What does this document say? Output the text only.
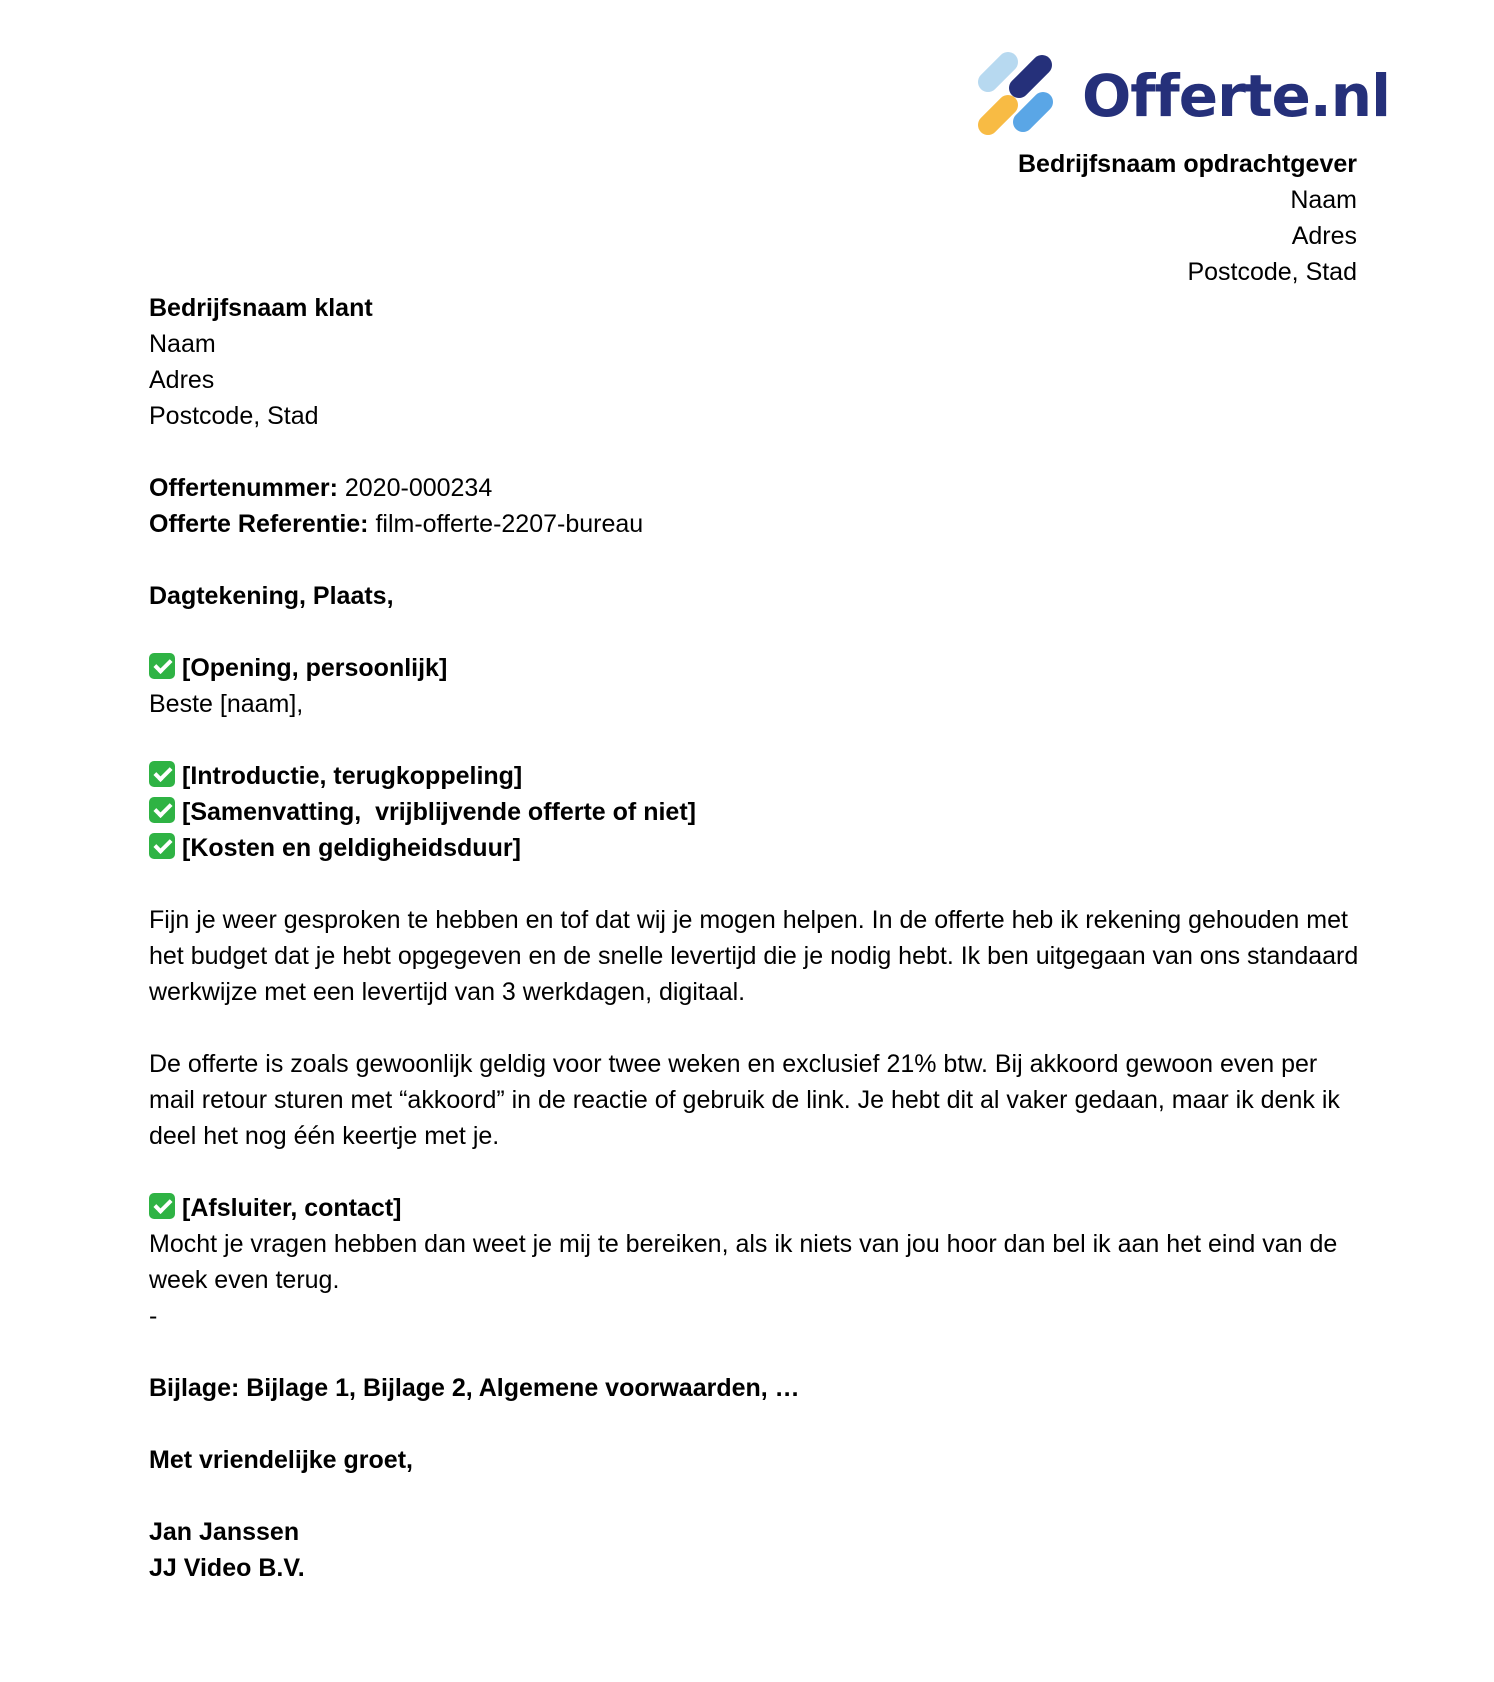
Offerte.nl
Bedrijfsnaam opdrachtgever
Naam
Adres
Postcode, Stad
Bedrijfsnaam klant
Naam
Adres
Postcode, Stad
Offertenummer: 2020-000234
Offerte Referentie: film-offerte-2207-bureau
Dagtekening, Plaats,
[Opening, persoonlijk]
Beste [naam],
[Introductie, terugkoppeling]
[Samenvatting,  vrijblijvende offerte of niet]
[Kosten en geldigheidsduur]
Fijn je weer gesproken te hebben en tof dat wij je mogen helpen. In de offerte heb ik rekening gehouden met het budget dat je hebt opgegeven en de snelle levertijd die je nodig hebt. Ik ben uitgegaan van ons standaard werkwijze met een levertijd van 3 werkdagen, digitaal.
De offerte is zoals gewoonlijk geldig voor twee weken en exclusief 21% btw. Bij akkoord gewoon even per mail retour sturen met “akkoord” in de reactie of gebruik de link. Je hebt dit al vaker gedaan, maar ik denk ik deel het nog één keertje met je.
[Afsluiter, contact]
Mocht je vragen hebben dan weet je mij te bereiken, als ik niets van jou hoor dan bel ik aan het eind van de week even terug.
-
Bijlage: Bijlage 1, Bijlage 2, Algemene voorwaarden, …
Met vriendelijke groet,
Jan Janssen
JJ Video B.V.
